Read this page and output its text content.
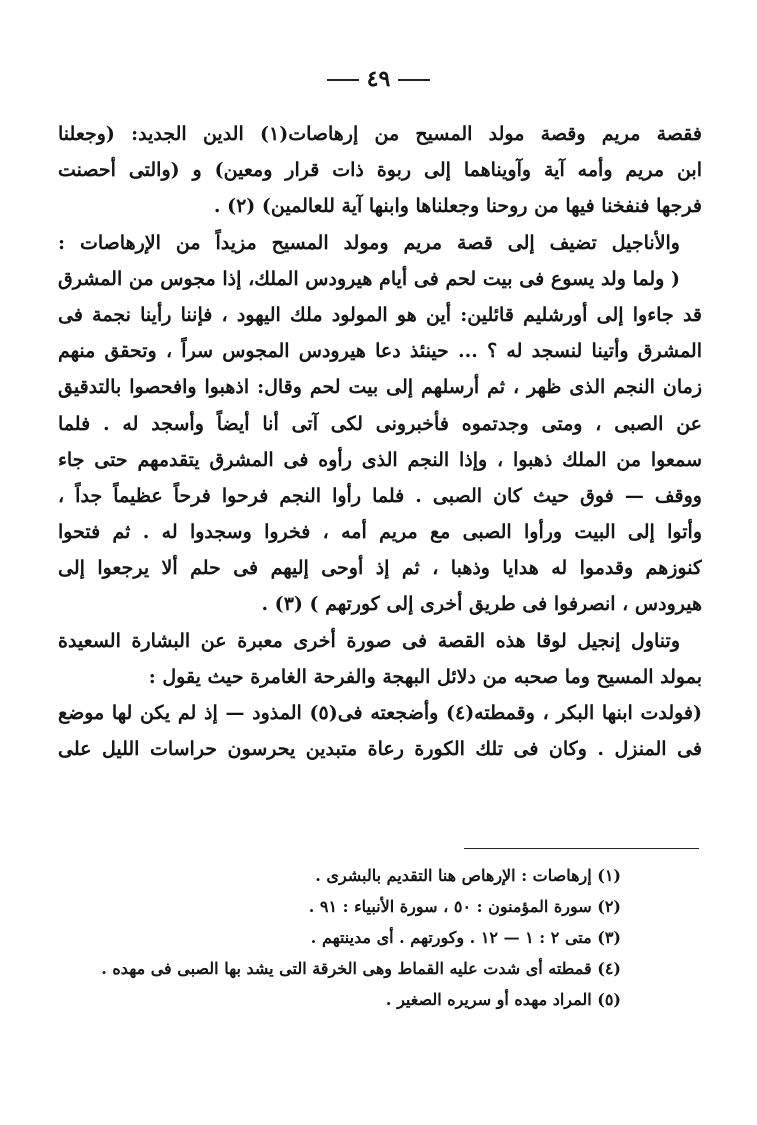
٤٩
فقصة مريم وقصة مولد المسيح من إرهاصات(١) الدين الجديد: (وجعلنا
ابن مريم وأمه آية وآويناهما إلى ربوة ذات قرار ومعين) و (والتى أحصنت
فرجها فنفخنا فيها من روحنا وجعلناها وابنها آية للعالمين) (٢) .
والأناجيل تضيف إلى قصة مريم ومولد المسيح مزيداً من الإرهاصات :
( ولما ولد يسوع فى بيت لحم فى أيام هيرودس الملك، إذا مجوس من المشرق
قد جاءوا إلى أورشليم قائلين: أين هو المولود ملك اليهود ، فإننا رأينا نجمة فى
المشرق وأتينا لنسجد له ؟ ... حينئذ دعا هيرودس المجوس سراً ، وتحقق منهم
زمان النجم الذى ظهر ، ثم أرسلهم إلى بيت لحم وقال: اذهبوا وافحصوا بالتدقيق
عن الصبى ، ومتى وجدتموه فأخبرونى لكى آتى أنا أيضاً وأسجد له . فلما
سمعوا من الملك ذهبوا ، وإذا النجم الذى رأوه فى المشرق يتقدمهم حتى جاء
ووقف — فوق حيث كان الصبى . فلما رأوا النجم فرحوا فرحاً عظيماً جداً ،
وأتوا إلى البيت ورأوا الصبى مع مريم أمه ، فخروا وسجدوا له . ثم فتحوا
كنوزهم وقدموا له هدايا وذهبا ، ثم إذ أوحى إليهم فى حلم ألا يرجعوا إلى
هيرودس ، انصرفوا فى طريق أخرى إلى كورتهم ) (٣) .
وتناول إنجيل لوقا هذه القصة فى صورة أخرى معبرة عن البشارة السعيدة
بمولد المسيح وما صحبه من دلائل البهجة والفرحة الغامرة حيث يقول :
(فولدت ابنها البكر ، وقمطته(٤) وأضجعته فى(٥) المذود — إذ لم يكن لها موضع
فى المنزل . وكان فى تلك الكورة رعاة متبدين يحرسون حراسات الليل على
(١) إرهاصات : الإرهاص هنا التقديم بالبشرى .
(٢) سورة المؤمنون : ٥٠ ، سورة الأنبياء : ٩١ .
(٣) متى ٢ : ١ — ١٢ . وكورتهم . أى مدينتهم .
(٤) قمطته أى شدت عليه القماط وهى الخرقة التى يشد بها الصبى فى مهده .
(٥) المراد مهده أو سريره الصغير .
